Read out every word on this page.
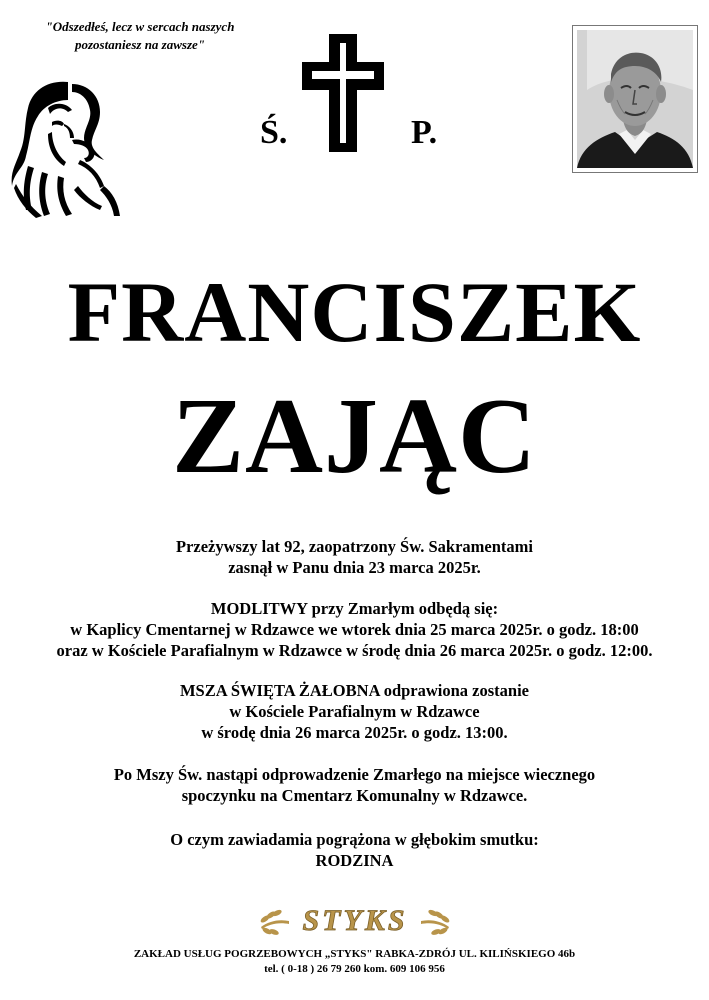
"Odszedłeś, lecz w sercach naszych
pozostaniesz na zawsze"
Ś.	P.
FRANCISZEK
ZAJĄC
Przeżywszy lat 92, zaopatrzony Św. Sakramentami
zasnął w Panu dnia 23 marca 2025r.
MODLITWY przy Zmarłym odbędą się:
w Kaplicy Cmentarnej w Rdzawce we wtorek dnia 25 marca 2025r. o godz. 18:00
oraz w Kościele Parafialnym w Rdzawce w środę dnia 26 marca 2025r. o godz. 12:00.
MSZA ŚWIĘTA ŻAŁOBNA odprawiona zostanie
w Kościele Parafialnym w Rdzawce
w środę dnia 26 marca 2025r. o godz. 13:00.
Po Mszy Św. nastąpi odprowadzenie Zmarłego na miejsce wiecznego
spoczynku na Cmentarz Komunalny w Rdzawce.
O czym zawiadamia pogrążona w głębokim smutku:
RODZINA
STYKS
ZAKŁAD USŁUG POGRZEBOWYCH „STYKS" RABKA-ZDRÓJ UL. KILIŃSKIEGO 46b
tel. ( 0-18 ) 26 79 260 kom. 609 106 956
